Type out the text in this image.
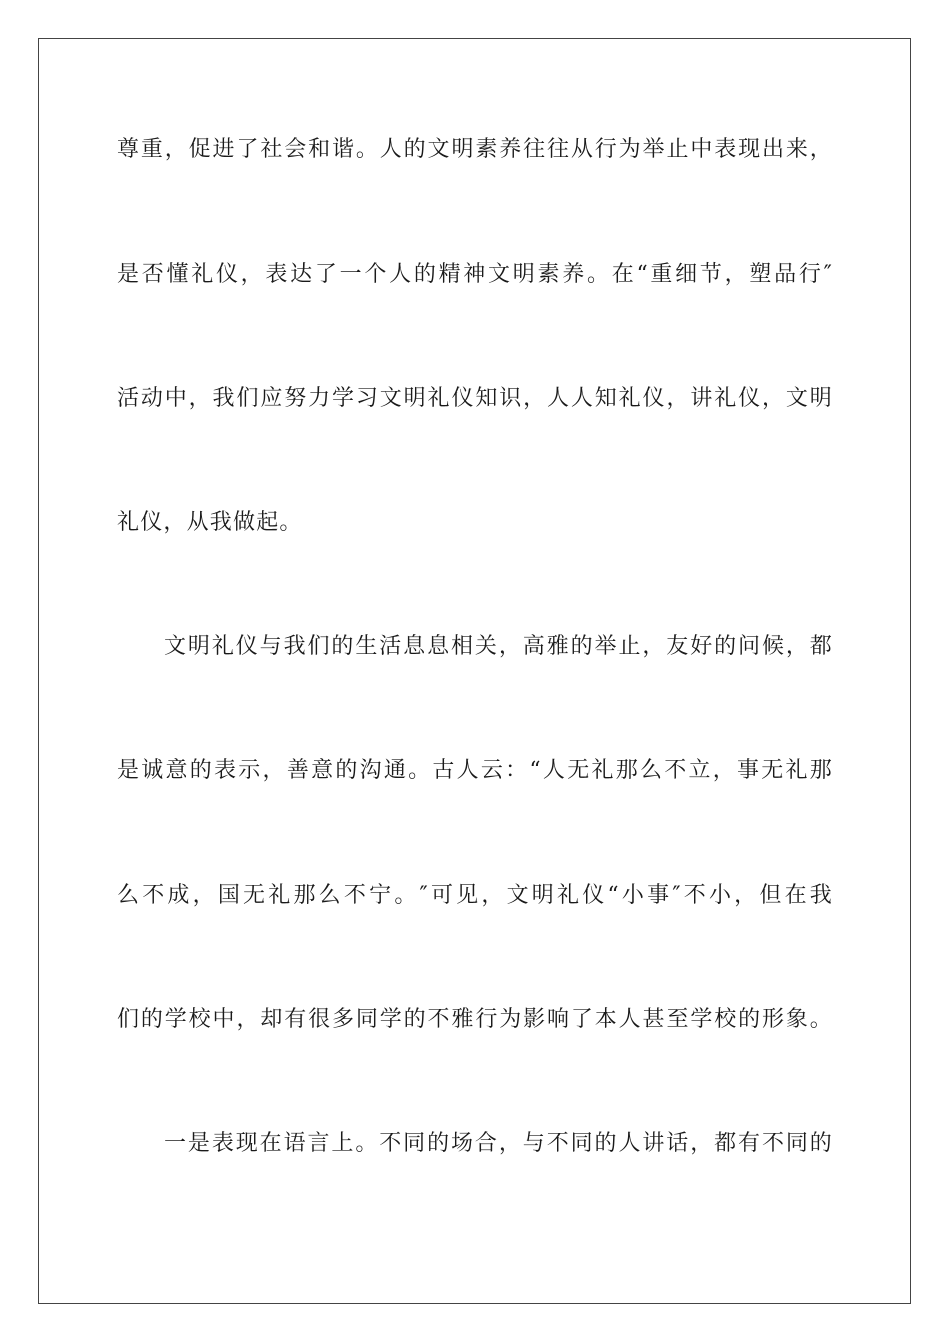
尊重，促进了社会和谐。人的文明素养往往从行为举止中表现出来，
是否懂礼仪，表达了一个人的精神文明素养。在“重细节，塑品行″
活动中，我们应努力学习文明礼仪知识，人人知礼仪，讲礼仪，文明
礼仪，从我做起。
文明礼仪与我们的生活息息相关，高雅的举止，友好的问候，都
是诚意的表示，善意的沟通。古人云：“人无礼那么不立，事无礼那
么不成，国无礼那么不宁。″可见，文明礼仪“小事″不小，但在我
们的学校中，却有很多同学的不雅行为影响了本人甚至学校的形象。
一是表现在语言上。不同的场合，与不同的人讲话，都有不同的
